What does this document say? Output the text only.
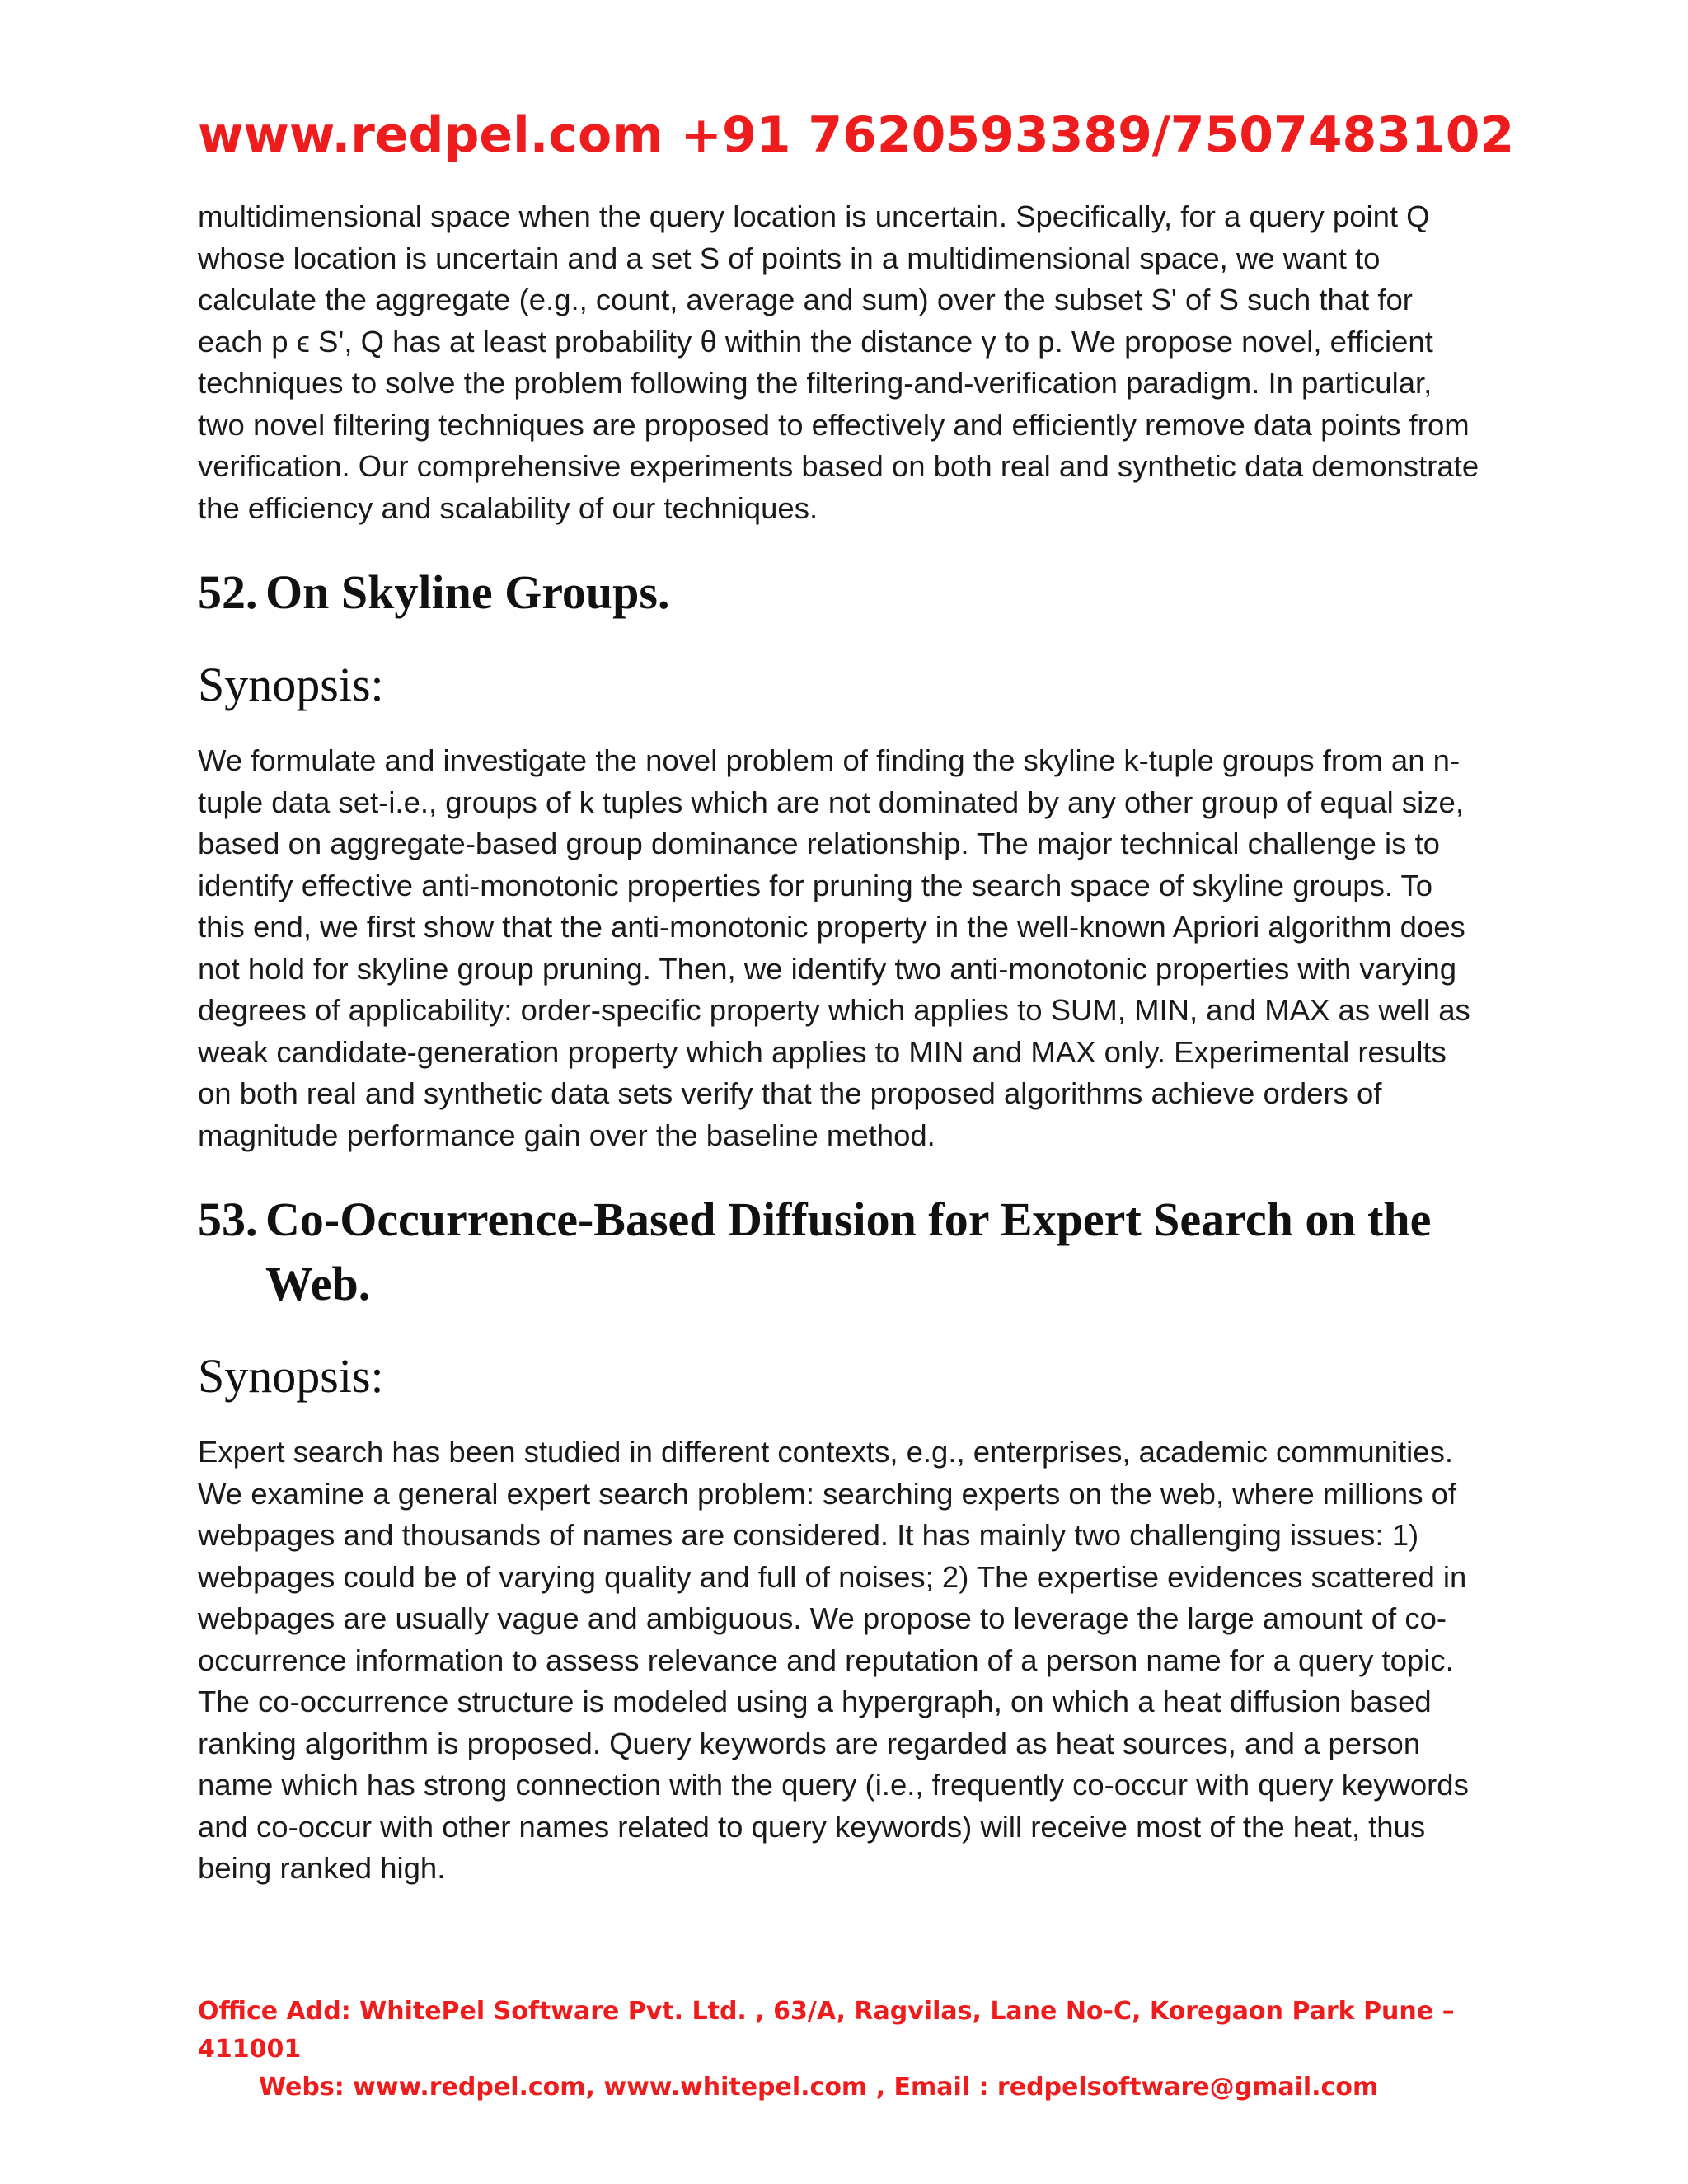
www.redpel.com +91 7620593389/7507483102

multidimensional space when the query location is uncertain. Specifically, for a query point Q whose location is uncertain and a set S of points in a multidimensional space, we want to calculate the aggregate (e.g., count, average and sum) over the subset S' of S such that for each p ϵ S', Q has at least probability θ within the distance γ to p. We propose novel, efficient techniques to solve the problem following the filtering-and-verification paradigm. In particular, two novel filtering techniques are proposed to effectively and efficiently remove data points from verification. Our comprehensive experiments based on both real and synthetic data demonstrate the efficiency and scalability of our techniques.

52. On Skyline Groups.
Synopsis:

We formulate and investigate the novel problem of finding the skyline k-tuple groups from an n-tuple data set-i.e., groups of k tuples which are not dominated by any other group of equal size, based on aggregate-based group dominance relationship. The major technical challenge is to identify effective anti-monotonic properties for pruning the search space of skyline groups. To this end, we first show that the anti-monotonic property in the well-known Apriori algorithm does not hold for skyline group pruning. Then, we identify two anti-monotonic properties with varying degrees of applicability: order-specific property which applies to SUM, MIN, and MAX as well as weak candidate-generation property which applies to MIN and MAX only. Experimental results on both real and synthetic data sets verify that the proposed algorithms achieve orders of magnitude performance gain over the baseline method.

53. Co-Occurrence-Based Diffusion for Expert Search on the Web.
Synopsis:

Expert search has been studied in different contexts, e.g., enterprises, academic communities. We examine a general expert search problem: searching experts on the web, where millions of webpages and thousands of names are considered. It has mainly two challenging issues: 1) webpages could be of varying quality and full of noises; 2) The expertise evidences scattered in webpages are usually vague and ambiguous. We propose to leverage the large amount of co-occurrence information to assess relevance and reputation of a person name for a query topic. The co-occurrence structure is modeled using a hypergraph, on which a heat diffusion based ranking algorithm is proposed. Query keywords are regarded as heat sources, and a person name which has strong connection with the query (i.e., frequently co-occur with query keywords and co-occur with other names related to query keywords) will receive most of the heat, thus being ranked high.

Office Add: WhitePel Software Pvt. Ltd. , 63/A, Ragvilas, Lane No-C, Koregaon Park Pune – 411001
Webs: www.redpel.com, www.whitepel.com , Email : redpelsoftware@gmail.com
